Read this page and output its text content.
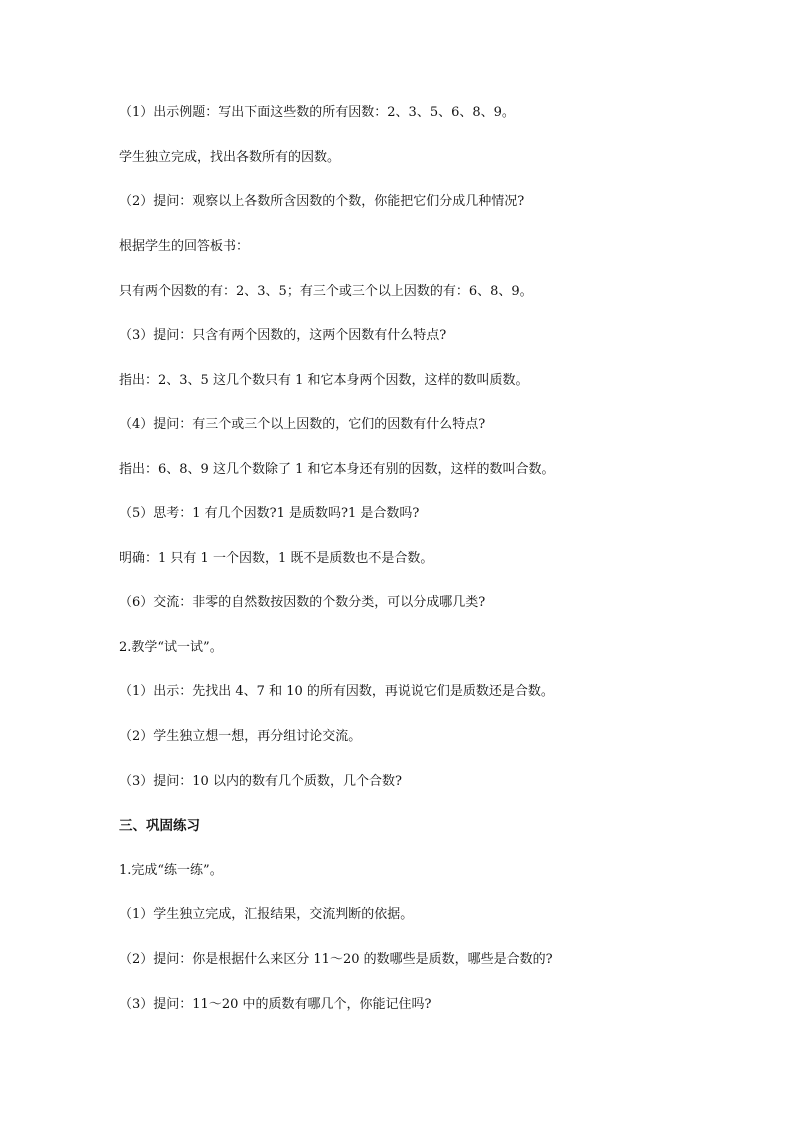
（1）出示例题：写出下面这些数的所有因数：2、3、5、6、8、9。
学生独立完成，找出各数所有的因数。
（2）提问：观察以上各数所含因数的个数，你能把它们分成几种情况?
根据学生的回答板书：
只有两个因数的有：2、3、5；有三个或三个以上因数的有：6、8、9。
（3）提问：只含有两个因数的，这两个因数有什么特点?
指出：2、3、5 这几个数只有 1 和它本身两个因数，这样的数叫质数。
（4）提问：有三个或三个以上因数的，它们的因数有什么特点?
指出：6、8、9 这几个数除了 1 和它本身还有别的因数，这样的数叫合数。
（5）思考：1 有几个因数?1 是质数吗?1 是合数吗?
明确：1 只有 1 一个因数，1 既不是质数也不是合数。
（6）交流：非零的自然数按因数的个数分类，可以分成哪几类?
2.教学“试一试”。
（1）出示：先找出 4、7 和 10 的所有因数，再说说它们是质数还是合数。
（2）学生独立想一想，再分组讨论交流。
（3）提问：10 以内的数有几个质数，几个合数?
三、巩固练习
1.完成“练一练”。
（1）学生独立完成，汇报结果，交流判断的依据。
（2）提问：你是根据什么来区分 11～20 的数哪些是质数，哪些是合数的?
（3）提问：11～20 中的质数有哪几个，你能记住吗?
